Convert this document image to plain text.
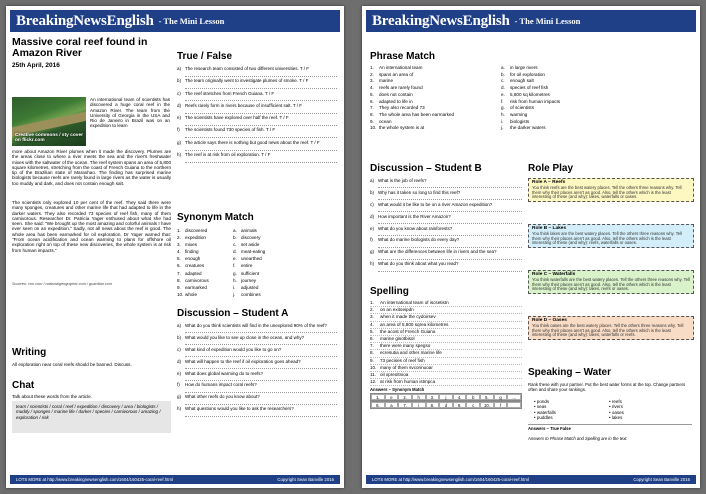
BreakingNewsEnglish - The Mini Lesson
Massive coral reef found in Amazon River
25th April, 2016
Creative commons / sty cover on flickr.com
An international team of scientists has discovered a huge coral reef in the Amazon River. The team from the University of Georgia in the USA and Rio de Janeiro in Brazil was on an expedition to learn
more about Amazon River plumes when it made the discovery. Plumes are the areas close to where a river meets the sea and the river's freshwater mixes with the saltwater of the ocean. The reef system spans an area of 5,800 square kilometres, stretching from the coast of French Guiana to the northern tip of the Brazilian state of Maranhao. The finding has surprised marine biologists because reefs are rarely found in large rivers as the water is usually too muddy and dark, and does not contain enough salt.
The scientists only explored 10 per cent of the reef. They said there were many sponges, creatures and other marine life that had adapted to life in the darker waters. They also recorded 73 species of reef fish, many of them carnivorous. Researcher Dr. Patricia Yager enthused about what she had seen. She said: "We brought up the most amazing and colorful animals I have ever seen on an expedition." Sadly, not all news about the reef is good. The whole area has been earmarked for oil exploration. Dr Yager warned that: "From ocean acidification and ocean warming to plans for offshore oil exploration right on top of these new discoveries, the whole system is at risk from human impacts."
Sources: cnn.com / nationalgeographic.com / guardian.com
Writing
All exploration near coral reefs should be banned. Discuss.
Chat
Talk about these words from the article.
team / scientists / coral / reef / expedition / discovery / area / biologists / muddy / sponges / marine life / darker / species / carnivorous / amazing / exploration / risk
True / False
a) The research team consisted of two different universities. T / F
b) The team originally went to investigate plumes of smoke. T / F
c) The reef stretches from French Guiana. T / F
d) Reefs rarely form in rivers because of insufficient salt. T / F
e) The scientists have explored over half the reef. T / F
f)	The scientists found 730 species of fish. T / F
g) The article says there is nothing but good news about the reef. T / F
h) The reef is at risk from oil exploration. T / F
Synonym Match
1. discovered	a. animals
2. expedition	b. discovery
3. mixes	c. set aside
4. finding	d. meat-eating
5. enough	e. unearthed
6. creatures	f.	entire
7. adapted	g. sufficient
8. carnivorous	h. journey
9. earmarked	i.	adjusted
10. whole	j.	combines
Discussion – Student A
a) What do you think scientists will find in the unexplored 90% of the reef?
b) What would you like to see up close in the ocean, and why?
c) What kind of expedition would you like to go on?
d) What will happen to the reef if oil exploration goes ahead?
e) What does global warming do to reefs?
f)	How do humans impact coral reefs?
g) What other reefs do you know about?
h) What questions would you like to ask the researchers?
LOTS MORE at http://www.breakingnewsenglish.com/1604/160425-coral-reef.html	Copyright Sean Banville 2016
BreakingNewsEnglish - The Mini Lesson
Phrase Match
1.	An international team	a.	in large rivers
2.	spans an area of	b.	for oil exploration
3.	marine	c.	enough salt
4.	reefs are rarely found	d.	species of reef fish
5.	does not contain	e.	5,800 sq kilometres
6.	adapted to life in	f.	risk from human impacts
7.	They also recorded 73	g.	of scientists
8.	The whole area has been earmarked	h.	warming
9.	ocean	i.	biologists
10. the whole system is at	j.	the darker waters
Discussion – Student B
a) What is the job of reefs?
b) Why has it taken so long to find this reef?
c) What would it be like to be on a river Amazon expedition?
d) How important is the River Amazon?
e) What do you know about rainforests?
f)	What do marine biologists do every day?
g) What are the differences between life in rivers and the sea?
h) What do you think about what you read?
Spelling
1.	An international team of iscsetistn
2.	on an exitoeipdn
3.	when it made the cydoirsev
4.	an area of 5,800 sqrea kilometres
5.	the acost of French Guiana
6.	marine gisotbisol
7.	there were many spegso
8.	ecresutia and other marine life
9.	73 pecises of reef fish
10. many of them svcorinuoar
11. oil xpreoltnioa
12. at risk from human istmpca
Answers – Synonym Match
1.	e	2.	h	3.	j	4.	b	5.	g	...
6.	a	7.	i	8.	d	9.	c	10.	f
Role Play
Speaking – Water
Rank these with your partner. Put the best water forms at the top. Change partners often and share your rankings.
• ponds	• reefs
• seas	• rivers
• waterfalls	• oases
• puddles	• lakes
Answers – True False
Answers to Phrase Match and Spelling are in the text.
LOTS MORE at http://www.breakingnewsenglish.com/1604/160425-coral-reef.html	Copyright Sean Banville 2016
Role A – Reefs
You think reefs are the best watery places. Tell the others three reasons why. Tell them why their places aren't as good. Also, tell the others which is the least interesting of these (and why): lakes, waterfalls or oases.
Role B – Lakes
You think lakes are the best watery places. Tell the others three reasons why. Tell them why their places aren't as good. Also, tell the others which is the least interesting of these (and why): reefs, waterfalls or oases.
Role C – Waterfalls
You think waterfalls are the best watery places. Tell the others three reasons why. Tell them why their places aren't as good. Also, tell the others which is the least interesting of these (and why): lakes, reefs or oases.
Role D – Oases
You think oases are the best watery places. Tell the others three reasons why. Tell them why their places aren't as good. Also, tell the others which is the least interesting of these (and why): lakes, waterfalls or reefs.
